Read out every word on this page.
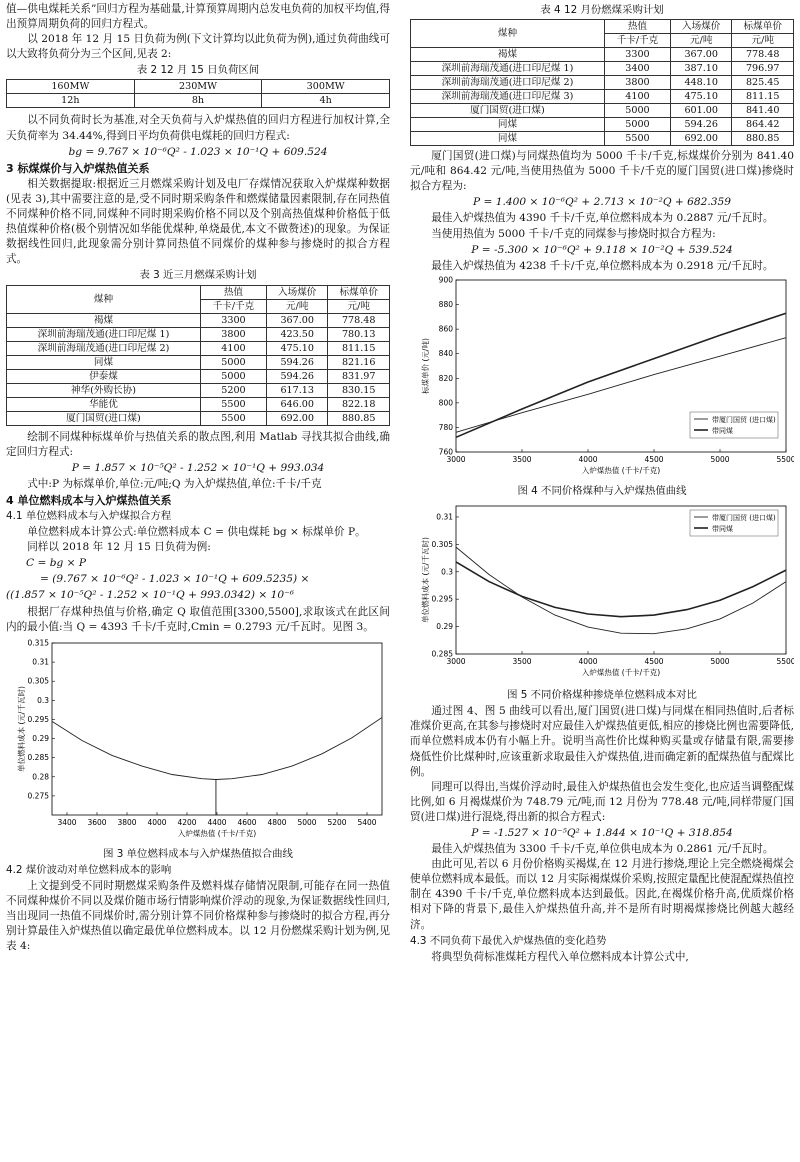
值—供电煤耗关系”回归方程为基础量,计算预算周期内总发电负荷的加权平均值,得出预算周期负荷的回归方程式。

以 2018 年 12 月 15 日负荷为例(下文计算均以此负荷为例),通过负荷曲线可以大致将负荷分为三个区间,见表 2:

表 2 12 月 15 日负荷区间
160MW	230MW	300MW
12h	8h	4h

以不同负荷时长为基准,对全天负荷与入炉煤热值的回归方程进行加权计算,全天负荷率为 34.44%,得到日平均负荷供电煤耗的回归方程式:

bg = 9.767 × 10⁻⁶Q² - 1.023 × 10⁻¹Q + 609.524

3 标煤煤价与入炉煤热值关系

相关数据提取:根据近三月燃煤采购计划及电厂存煤情况获取入炉煤煤种数据(见表 3),其中需要注意的是,受不同时期采购条件和燃煤储量因素限制,存在同热值不同煤种价格不同,同煤种不同时期采购价格不同以及个别高热值煤种价格低于低热值煤种价格(极个别情况如华能优煤种,单烧最优,本文不做赘述)的现象。为保证数据线性回归,此现象需分别计算同热值不同煤价的煤种参与掺烧时的拟合方程式。

表 3 近三月燃煤采购计划
煤种	热值	入场煤价	标煤单价
	千卡/千克	元/吨	元/吨
褐煤	3300	367.00	778.48
深圳前海瑞茂通(进口印尼煤 1)	3800	423.50	780.13
深圳前海瑞茂通(进口印尼煤 2)	4100	475.10	811.15
同煤	5000	594.26	821.16
伊泰煤	5000	594.26	831.97
神华(外购长协)	5200	617.13	830.15
华能优	5500	646.00	822.18
厦门国贸(进口煤)	5500	692.00	880.85

绘制不同煤种标煤单价与热值关系的散点图,利用 Matlab 寻找其拟合曲线,确定回归方程式:

P = 1.857 × 10⁻⁵Q² - 1.252 × 10⁻¹Q + 993.034

式中:P 为标煤单价,单位:元/吨;Q 为入炉煤热值,单位:千卡/千克

4 单位燃料成本与入炉煤热值关系

4.1 单位燃料成本与入炉煤拟合方程

单位燃料成本计算公式:单位燃料成本 C = 供电煤耗 bg × 标煤单价 P。

同样以 2018 年 12 月 15 日负荷为例:

C = bg × P

= (9.767 × 10⁻⁶Q² - 1.023 × 10⁻¹Q + 609.5235) ×

((1.857 × 10⁻⁵Q² - 1.252 × 10⁻¹Q + 993.0342) × 10⁻⁶

根据厂存煤种热值与价格,确定 Q 取值范围[3300,5500],求取该式在此区间内的最小值:当 Q = 4393 千卡/千克时,Cmin = 0.2793 元/千瓦时。见图 3。

3400 3600 3800 4000 4200 4400 4600 4800 5000 5200 5400
0.275
0.28
0.285
0.29
0.295
0.3
0.305
0.31
0.315
入炉煤热值 (千卡/千克)
单位燃料成本 (元/千瓦时)
图 3 单位燃料成本与入炉煤热值拟合曲线

4.2 煤价波动对单位燃料成本的影响

上文提到受不同时期燃煤采购条件及燃料煤存储情况限制,可能存在同一热值不同煤种煤价不同以及煤价随市场行情影响煤价浮动的现象,为保证数据线性回归,当出现同一热值不同煤价时,需分别计算不同价格煤种参与掺烧时的拟合方程,再分别计算最佳入炉煤热值以确定最优单位燃料成本。以 12 月份燃煤采购计划为例,见表 4:

表 4 12 月份燃煤采购计划
煤种	热值	入场煤价	标煤单价
	千卡/千克	元/吨	元/吨
褐煤	3300	367.00	778.48
深圳前海瑞茂通(进口印尼煤 1)	3400	387.10	796.97
深圳前海瑞茂通(进口印尼煤 2)	3800	448.10	825.45
深圳前海瑞茂通(进口印尼煤 3)	4100	475.10	811.15
厦门国贸(进口煤)	5000	601.00	841.40
同煤	5000	594.26	864.42
同煤	5500	692.00	880.85

厦门国贸(进口煤)与同煤热值均为 5000 千卡/千克,标煤煤价分别为 841.40 元/吨和 864.42 元/吨,当使用热值为 5000 千卡/千克的厦门国贸(进口煤)掺烧时拟合方程为:

P = 1.400 × 10⁻⁶Q² + 2.713 × 10⁻²Q + 682.359

最佳入炉煤热值为 4390 千卡/千克,单位燃料成本为 0.2887 元/千瓦时。

当使用热值为 5000 千卡/千克的同煤参与掺烧时拟合方程为:

P = -5.300 × 10⁻⁶Q² + 9.118 × 10⁻²Q + 539.524

最佳入炉煤热值为 4238 千卡/千克,单位燃料成本为 0.2918 元/千瓦时。

3000	3500	4000	4500	5000	5500
760
780
800
820
840
860
880
900
入炉煤热值 (千卡/千克)
标煤单价 (元/吨)
带厦门国贸 (进口煤)
带同煤
图 4 不同价格煤种与入炉煤热值曲线
3000	3500	4000	4500	5000	5500
0.285
0.29
0.295
0.3
0.305
0.31
入炉煤热值 (千卡/千克)
单位燃料成本 (元/千瓦时)
带厦门国贸 (进口煤)
带同煤
图 5 不同价格煤种掺烧单位燃料成本对比

通过图 4、图 5 曲线可以看出,厦门国贸(进口煤)与同煤在相同热值时,后者标准煤价更高,在其参与掺烧时对应最佳入炉煤热值更低,相应的掺烧比例也需要降低,而单位燃料成本仍有小幅上升。说明当高性价比煤种购买量或存储量有限,需要掺烧低性价比煤种时,应该重新求取最佳入炉煤热值,进而确定新的配煤热值与配煤比例。

同理可以得出,当煤价浮动时,最佳入炉煤热值也会发生变化,也应适当调整配煤比例,如 6 月褐煤煤价为 748.79 元/吨,而 12 月份为 778.48 元/吨,同样带厦门国贸(进口煤)进行混烧,得出新的拟合方程式:

P = -1.527 × 10⁻⁵Q² + 1.844 × 10⁻¹Q + 318.854

最佳入炉煤热值为 3300 千卡/千克,单位供电成本为 0.2861 元/千瓦时。

由此可见,若以 6 月份价格购买褐煤,在 12 月进行掺烧,理论上完全燃烧褐煤会使单位燃料成本最低。而以 12 月实际褐煤煤价采购,按照定量配比使混配煤热值控制在 4390 千卡/千克,单位燃料成本达到最低。因此,在褐煤价格升高,优质煤价格相对下降的背景下,最佳入炉煤热值升高,并不是所有时期褐煤掺烧比例越大越经济。

4.3 不同负荷下最优入炉煤热值的变化趋势

将典型负荷标准煤耗方程代入单位燃料成本计算公式中,
